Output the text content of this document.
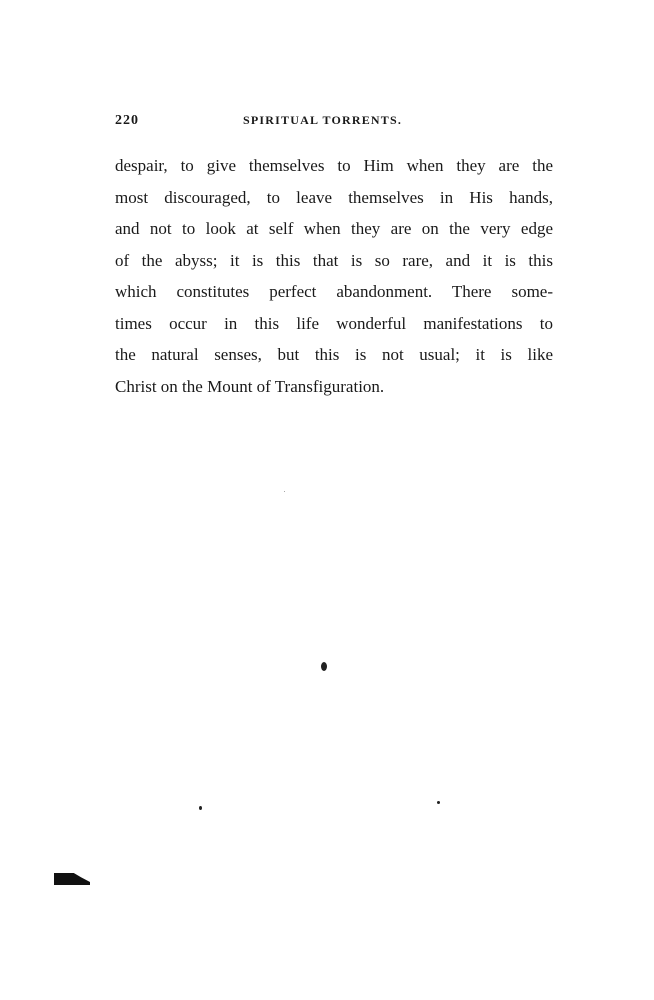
220	SPIRITUAL TORRENTS.
despair, to give themselves to Him when they are the
most discouraged, to leave themselves in His hands,
and not to look at self when they are on the very edge
of the abyss; it is this that is so rare, and it is this
which constitutes perfect abandonment. There some-
times occur in this life wonderful manifestations to
the natural senses, but this is not usual; it is like
Christ on the Mount of Transfiguration.
